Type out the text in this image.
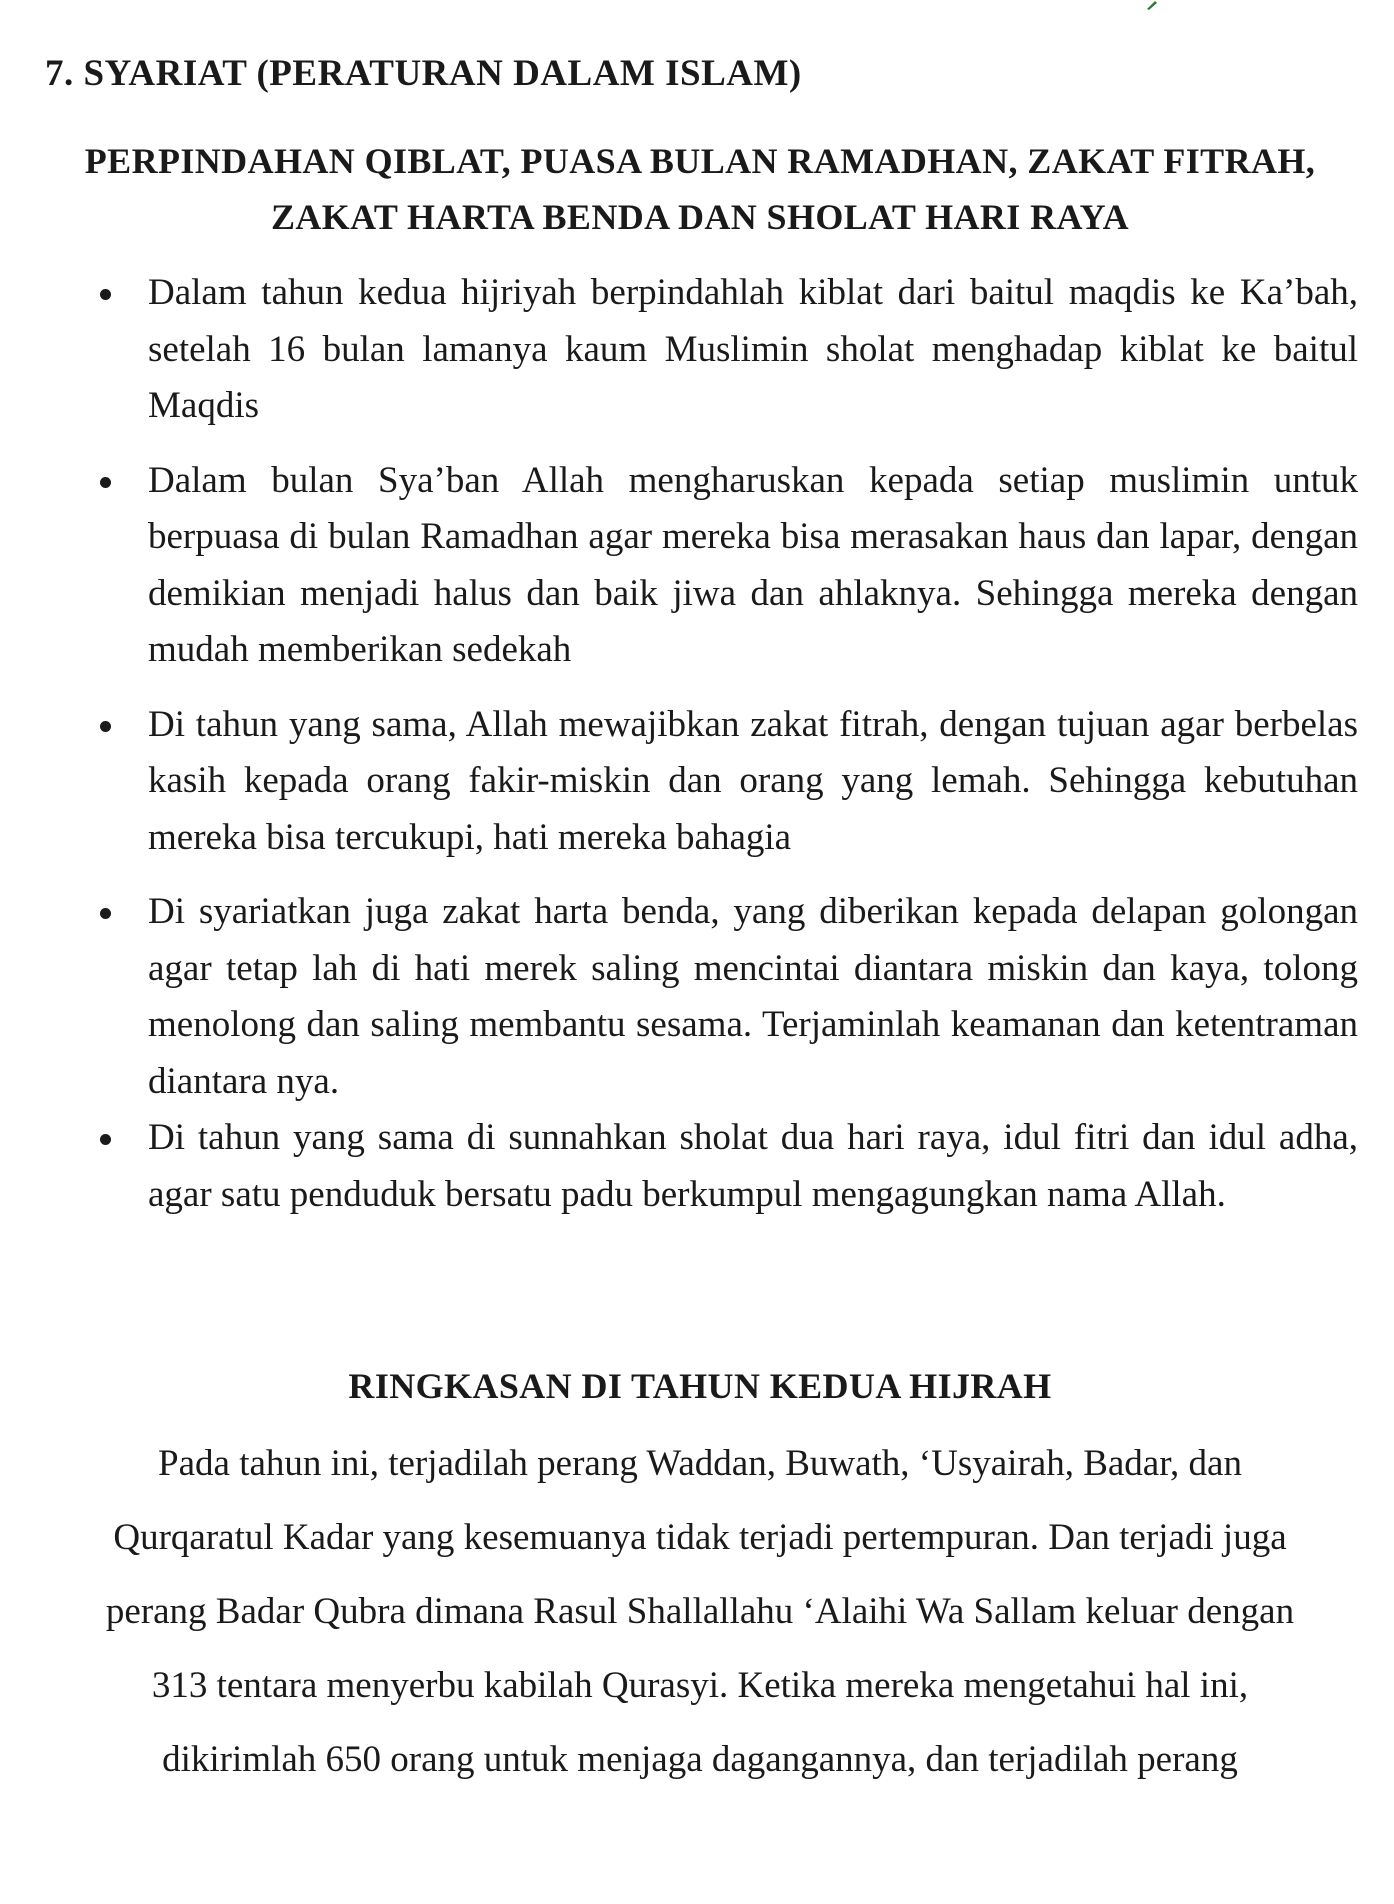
7. SYARIAT (PERATURAN DALAM ISLAM)
PERPINDAHAN QIBLAT, PUASA BULAN RAMADHAN, ZAKAT FITRAH,
ZAKAT HARTA BENDA DAN SHOLAT HARI RAYA
Dalam tahun kedua hijriyah berpindahlah kiblat dari baitul maqdis ke Ka’bah, setelah 16 bulan lamanya kaum Muslimin sholat menghadap kiblat ke baitul Maqdis
Dalam bulan Sya’ban Allah mengharuskan kepada setiap muslimin untuk berpuasa di bulan Ramadhan agar mereka bisa merasakan haus dan lapar, dengan demikian menjadi halus dan baik jiwa dan ahlaknya. Sehingga mereka dengan mudah memberikan sedekah
Di tahun yang sama, Allah mewajibkan zakat fitrah, dengan tujuan agar berbelas kasih kepada orang fakir-miskin dan orang yang lemah. Sehingga kebutuhan mereka bisa tercukupi, hati mereka bahagia
Di syariatkan juga zakat harta benda, yang diberikan kepada delapan golongan agar tetap lah di hati merek saling mencintai diantara miskin dan kaya, tolong menolong dan saling membantu sesama. Terjaminlah keamanan dan ketentraman diantara nya.
Di tahun yang sama di sunnahkan sholat dua hari raya, idul fitri dan idul adha, agar satu penduduk bersatu padu berkumpul mengagungkan nama Allah.
RINGKASAN DI TAHUN KEDUA HIJRAH
Pada tahun ini, terjadilah perang Waddan, Buwath, ‘Usyairah, Badar, dan
Qurqaratul Kadar yang kesemuanya tidak terjadi pertempuran. Dan terjadi juga
perang Badar Qubra dimana Rasul Shallallahu ‘Alaihi Wa Sallam keluar dengan
313 tentara menyerbu kabilah Qurasyi. Ketika mereka mengetahui hal ini,
dikirimlah 650 orang untuk menjaga dagangannya, dan terjadilah perang
